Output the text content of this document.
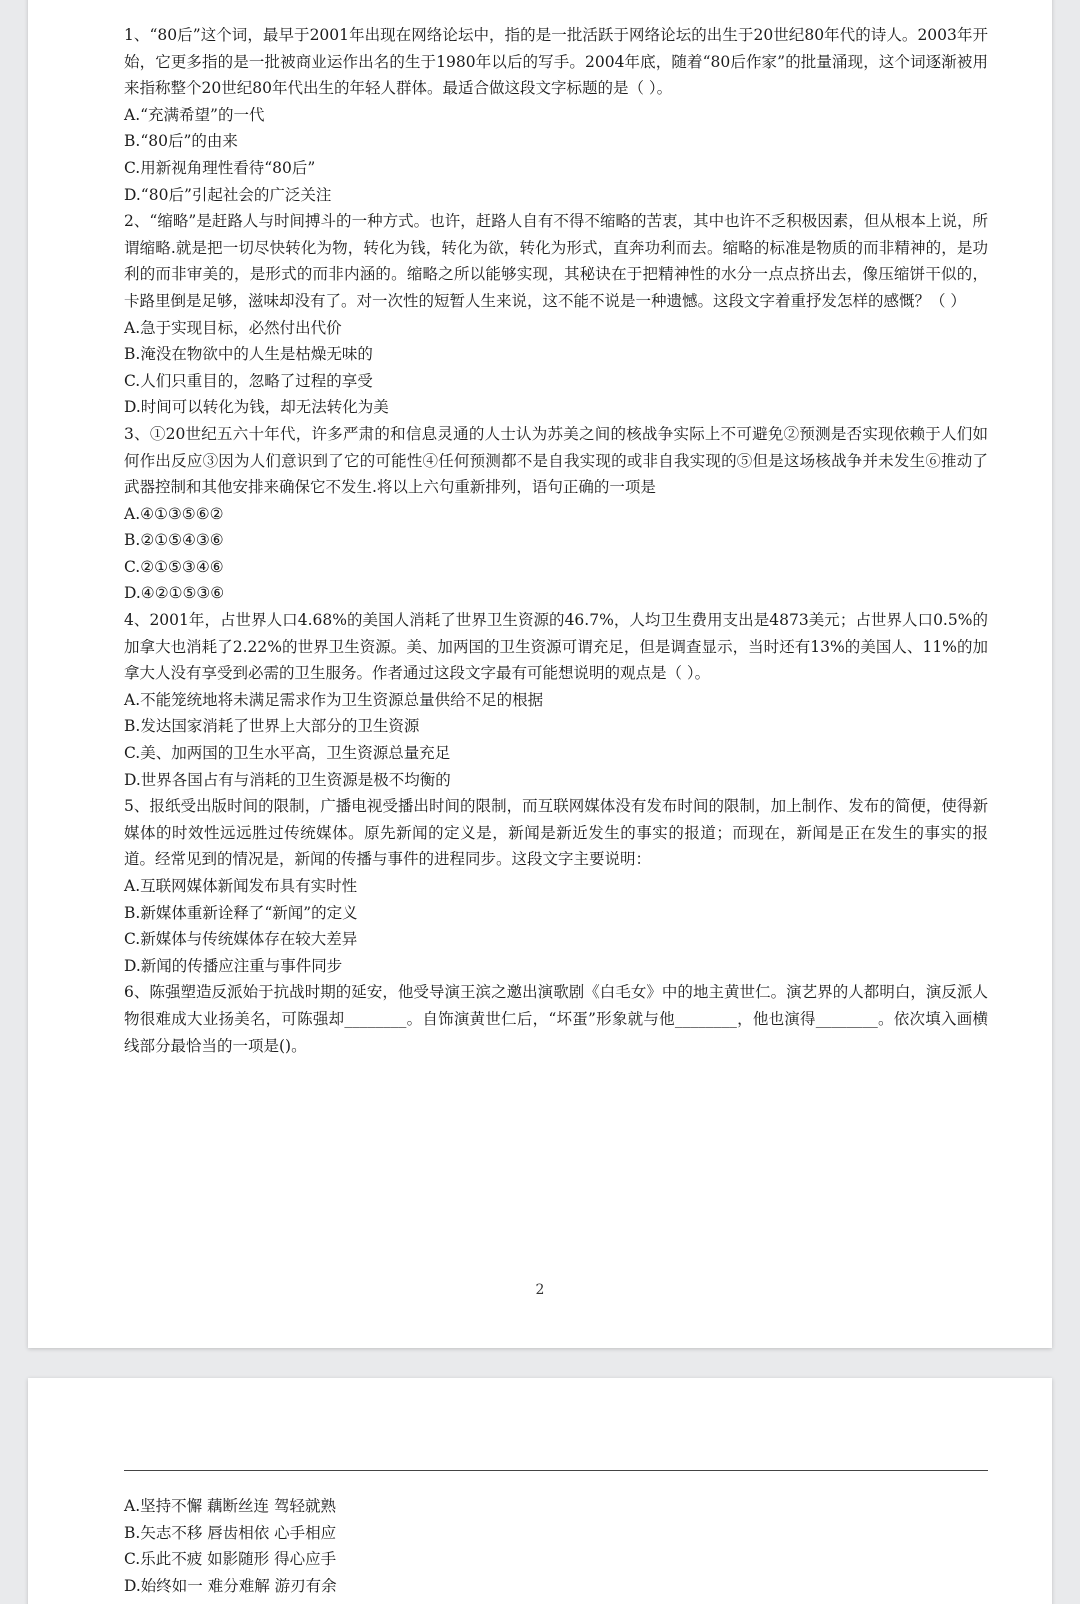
1、“80后”这个词，最早于2001年出现在网络论坛中，指的是一批活跃于网络论坛的出生于20世纪80年代的诗人。2003年开始，它更多指的是一批被商业运作出名的生于1980年以后的写手。2004年底，随着“80后作家”的批量涌现，这个词逐渐被用来指称整个20世纪80年代出生的年轻人群体。最适合做这段文字标题的是（ ）。

A.“充满希望”的一代

B.“80后”的由来

C.用新视角理性看待“80后”

D.“80后”引起社会的广泛关注

2、“缩略”是赶路人与时间搏斗的一种方式。也许，赶路人自有不得不缩略的苦衷，其中也许不乏积极因素，但从根本上说，所谓缩略.就是把一切尽快转化为物，转化为钱，转化为欲，转化为形式，直奔功利而去。缩略的标准是物质的而非精神的，是功利的而非审美的，是形式的而非内涵的。缩略之所以能够实现，其秘诀在于把精神性的水分一点点挤出去，像压缩饼干似的，卡路里倒是足够，滋味却没有了。对一次性的短暂人生来说，这不能不说是一种遗憾。这段文字着重抒发怎样的感慨？（ ）

A.急于实现目标，必然付出代价

B.淹没在物欲中的人生是枯燥无味的

C.人们只重目的，忽略了过程的享受

D.时间可以转化为钱，却无法转化为美

3、①20世纪五六十年代，许多严肃的和信息灵通的人士认为苏美之间的核战争实际上不可避免②预测是否实现依赖于人们如何作出反应③因为人们意识到了它的可能性④任何预测都不是自我实现的或非自我实现的⑤但是这场核战争并未发生⑥推动了武器控制和其他安排来确保它不发生.将以上六句重新排列，语句正确的一项是

A.④①③⑤⑥②

B.②①⑤④③⑥

C.②①⑤③④⑥

D.④②①⑤③⑥

4、2001年，占世界人口4.68%的美国人消耗了世界卫生资源的46.7%，人均卫生费用支出是4873美元；占世界人口0.5%的加拿大也消耗了2.22%的世界卫生资源。美、加两国的卫生资源可谓充足，但是调查显示，当时还有13%的美国人、11%的加拿大人没有享受到必需的卫生服务。作者通过这段文字最有可能想说明的观点是（ ）。

A.不能笼统地将未满足需求作为卫生资源总量供给不足的根据

B.发达国家消耗了世界上大部分的卫生资源

C.美、加两国的卫生水平高，卫生资源总量充足

D.世界各国占有与消耗的卫生资源是极不均衡的

5、报纸受出版时间的限制，广播电视受播出时间的限制，而互联网媒体没有发布时间的限制，加上制作、发布的简便，使得新媒体的时效性远远胜过传统媒体。原先新闻的定义是，新闻是新近发生的事实的报道；而现在，新闻是正在发生的事实的报道。经常见到的情况是，新闻的传播与事件的进程同步。这段文字主要说明：

A.互联网媒体新闻发布具有实时性

B.新媒体重新诠释了“新闻”的定义

C.新媒体与传统媒体存在较大差异

D.新闻的传播应注重与事件同步

6、陈强塑造反派始于抗战时期的延安，他受导演王滨之邀出演歌剧《白毛女》中的地主黄世仁。演艺界的人都明白，演反派人物很难成大业扬美名，可陈强却________。自饰演黄世仁后，“坏蛋”形象就与他________，他也演得________。依次填入画横线部分最恰当的一项是()。

2

A.坚持不懈 藕断丝连 驾轻就熟

B.矢志不移 唇齿相依 心手相应

C.乐此不疲 如影随形 得心应手

D.始终如一 难分难解 游刃有余
